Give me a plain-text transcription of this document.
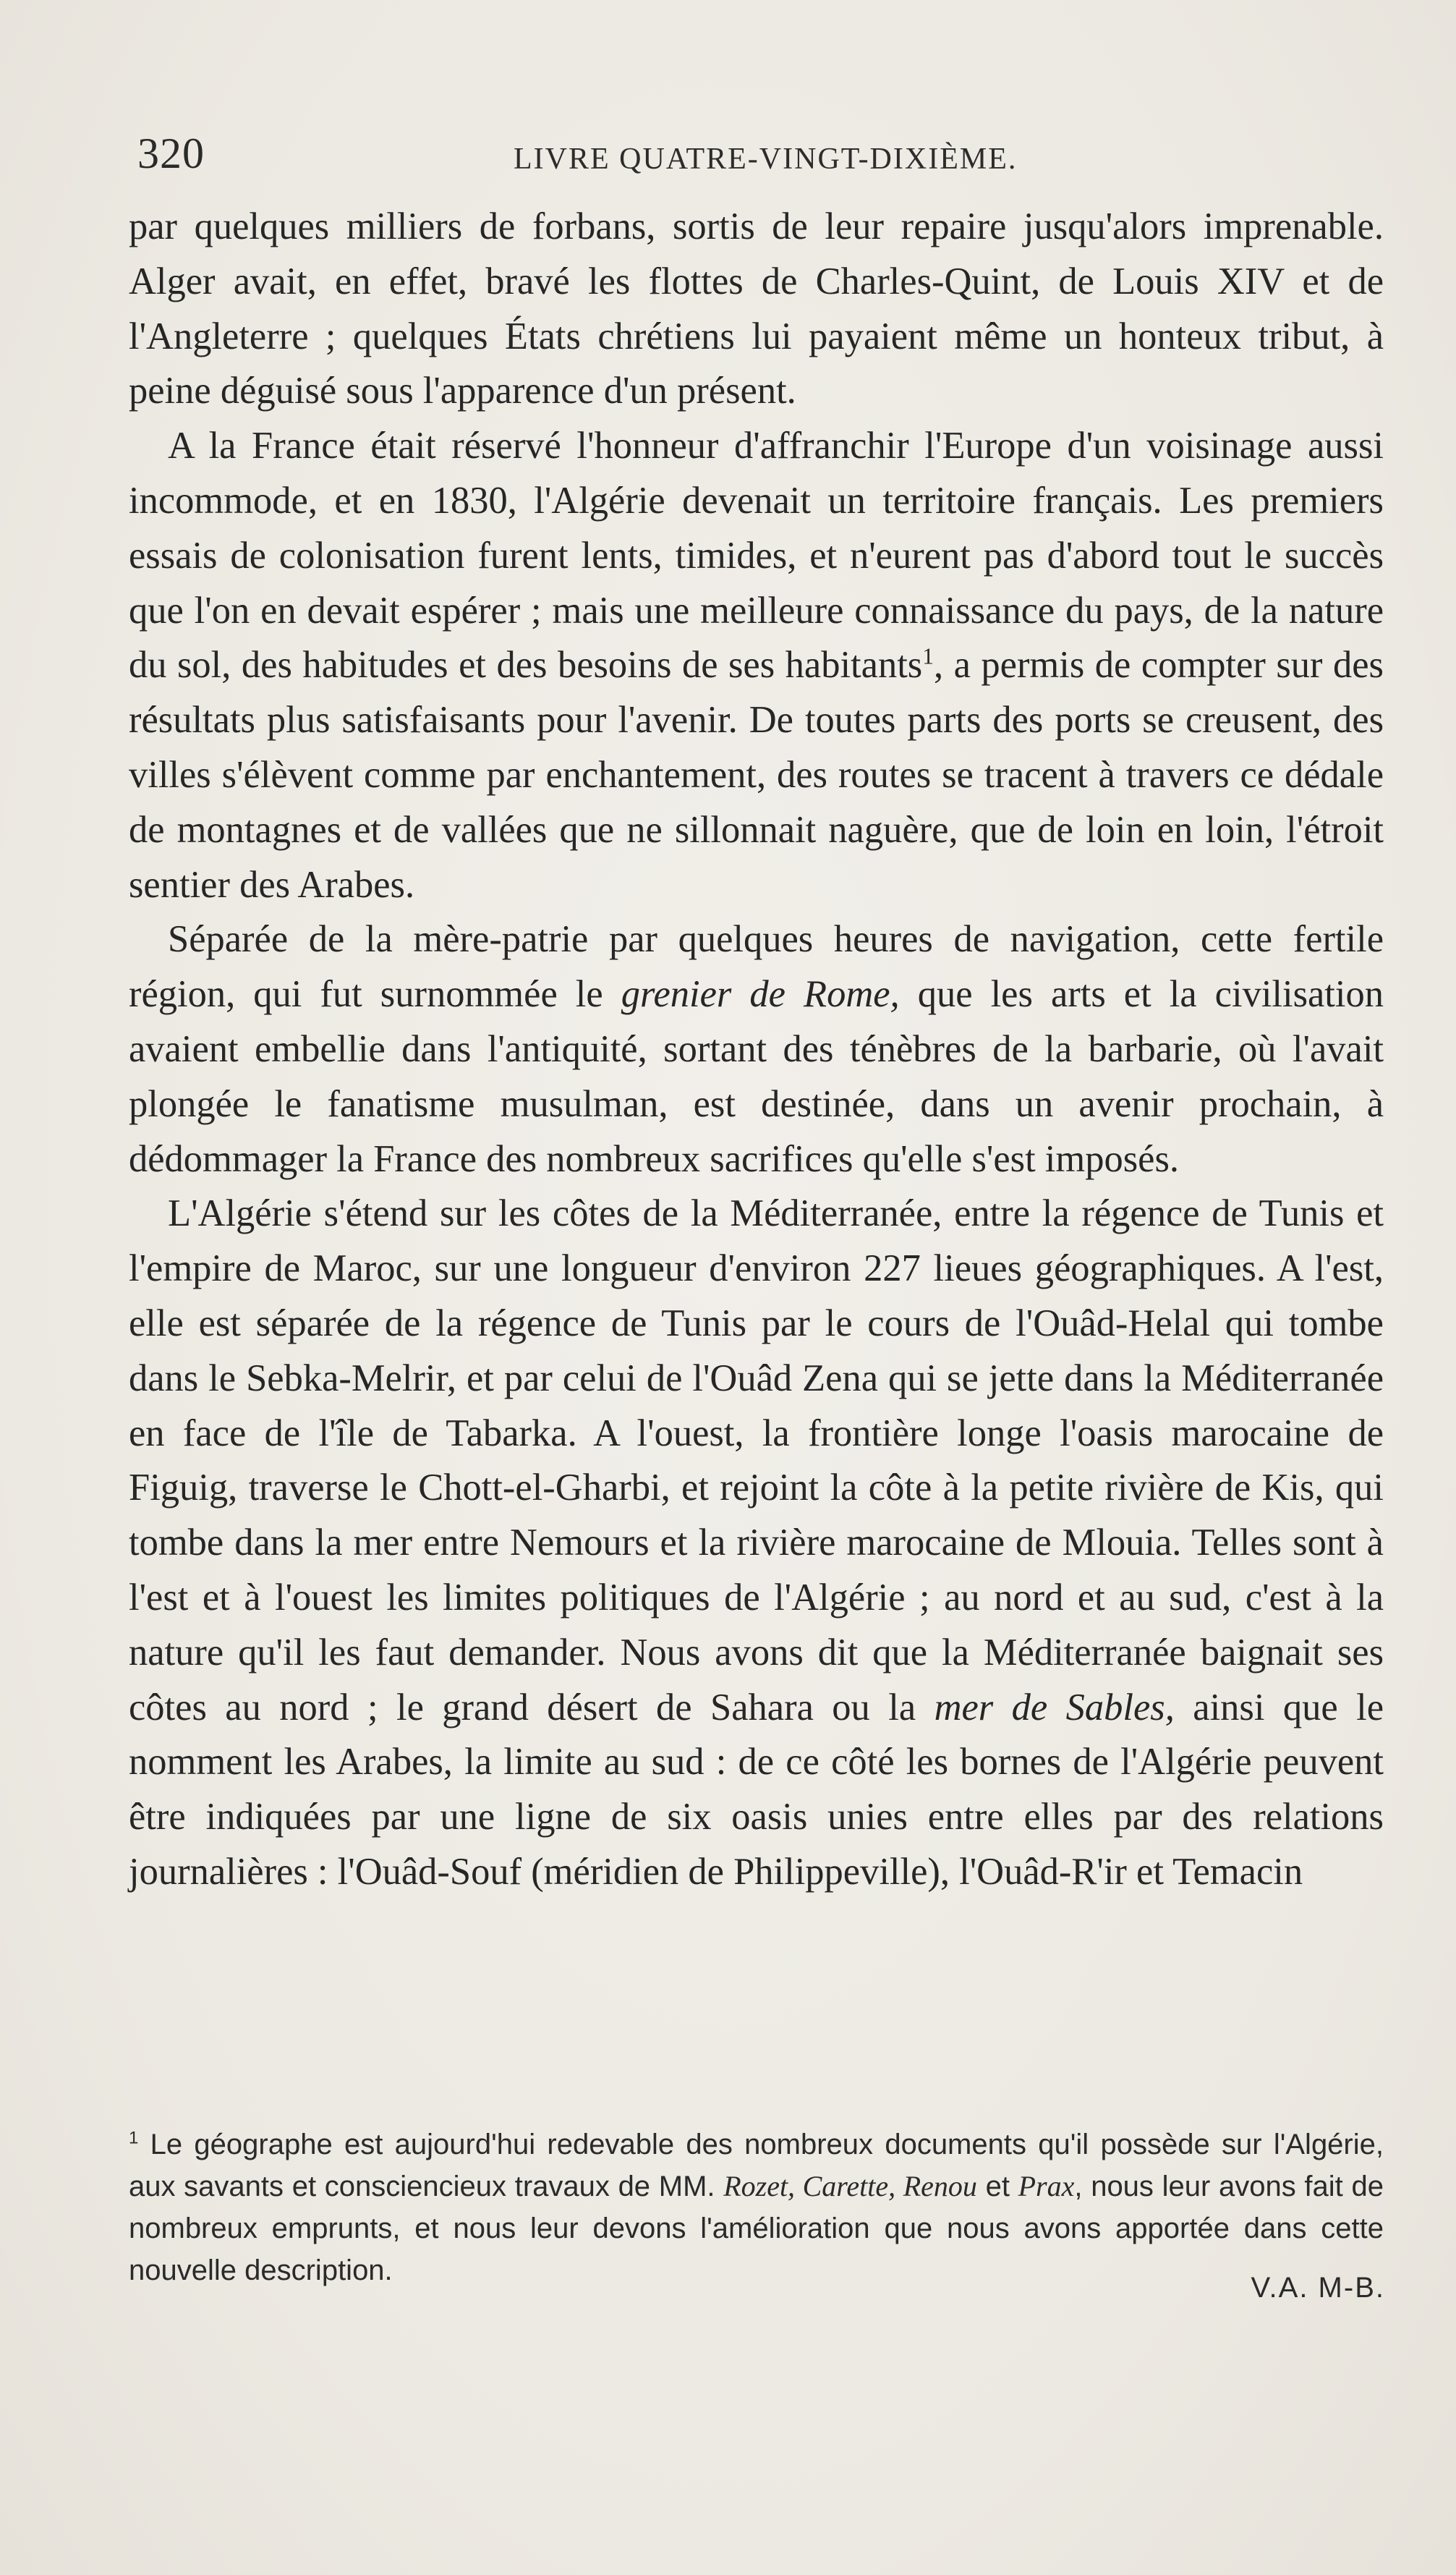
320	LIVRE QUATRE-VINGT-DIXIÈME.

par quelques milliers de forbans, sortis de leur repaire jusqu'alors imprenable. Alger avait, en effet, bravé les flottes de Charles-Quint, de Louis XIV et de l'Angleterre ; quelques États chrétiens lui payaient même un honteux tribut, à peine déguisé sous l'apparence d'un présent.

A la France était réservé l'honneur d'affranchir l'Europe d'un voisinage aussi incommode, et en 1830, l'Algérie devenait un territoire français. Les premiers essais de colonisation furent lents, timides, et n'eurent pas d'abord tout le succès que l'on en devait espérer ; mais une meilleure connaissance du pays, de la nature du sol, des habitudes et des besoins de ses habitants$^1$, a permis de compter sur des résultats plus satisfaisants pour l'avenir. De toutes parts des ports se creusent, des villes s'élèvent comme par enchantement, des routes se tracent à travers ce dédale de montagnes et de vallées que ne sillonnait naguère, que de loin en loin, l'étroit sentier des Arabes.

Séparée de la mère-patrie par quelques heures de navigation, cette fertile région, qui fut surnommée le grenier de Rome, que les arts et la civilisation avaient embellie dans l'antiquité, sortant des ténèbres de la barbarie, où l'avait plongée le fanatisme musulman, est destinée, dans un avenir prochain, à dédommager la France des nombreux sacrifices qu'elle s'est imposés.

L'Algérie s'étend sur les côtes de la Méditerranée, entre la régence de Tunis et l'empire de Maroc, sur une longueur d'environ 227 lieues géographiques. A l'est, elle est séparée de la régence de Tunis par le cours de l'Ouâd-Helal qui tombe dans le Sebka-Melrir, et par celui de l'Ouâd Zena qui se jette dans la Méditerranée en face de l'île de Tabarka. A l'ouest, la frontière longe l'oasis marocaine de Figuig, traverse le Chott-el-Gharbi, et rejoint la côte à la petite rivière de Kis, qui tombe dans la mer entre Nemours et la rivière marocaine de Mlouia. Telles sont à l'est et à l'ouest les limites politiques de l'Algérie ; au nord et au sud, c'est à la nature qu'il les faut demander. Nous avons dit que la Méditerranée baignait ses côtes au nord ; le grand désert de Sahara ou la mer de Sables, ainsi que le nomment les Arabes, la limite au sud : de ce côté les bornes de l'Algérie peuvent être indiquées par une ligne de six oasis unies entre elles par des relations journalières : l'Ouâd-Souf (méridien de Philippeville), l'Ouâd-R'ir et Temacin

$^1$ Le géographe est aujourd'hui redevable des nombreux documents qu'il possède sur l'Algérie, aux savants et consciencieux travaux de MM. Rozet, Carette, Renou et Prax, nous leur avons fait de nombreux emprunts, et nous leur devons l'amélioration que nous avons apportée dans cette nouvelle description.
V.A. M-B.
